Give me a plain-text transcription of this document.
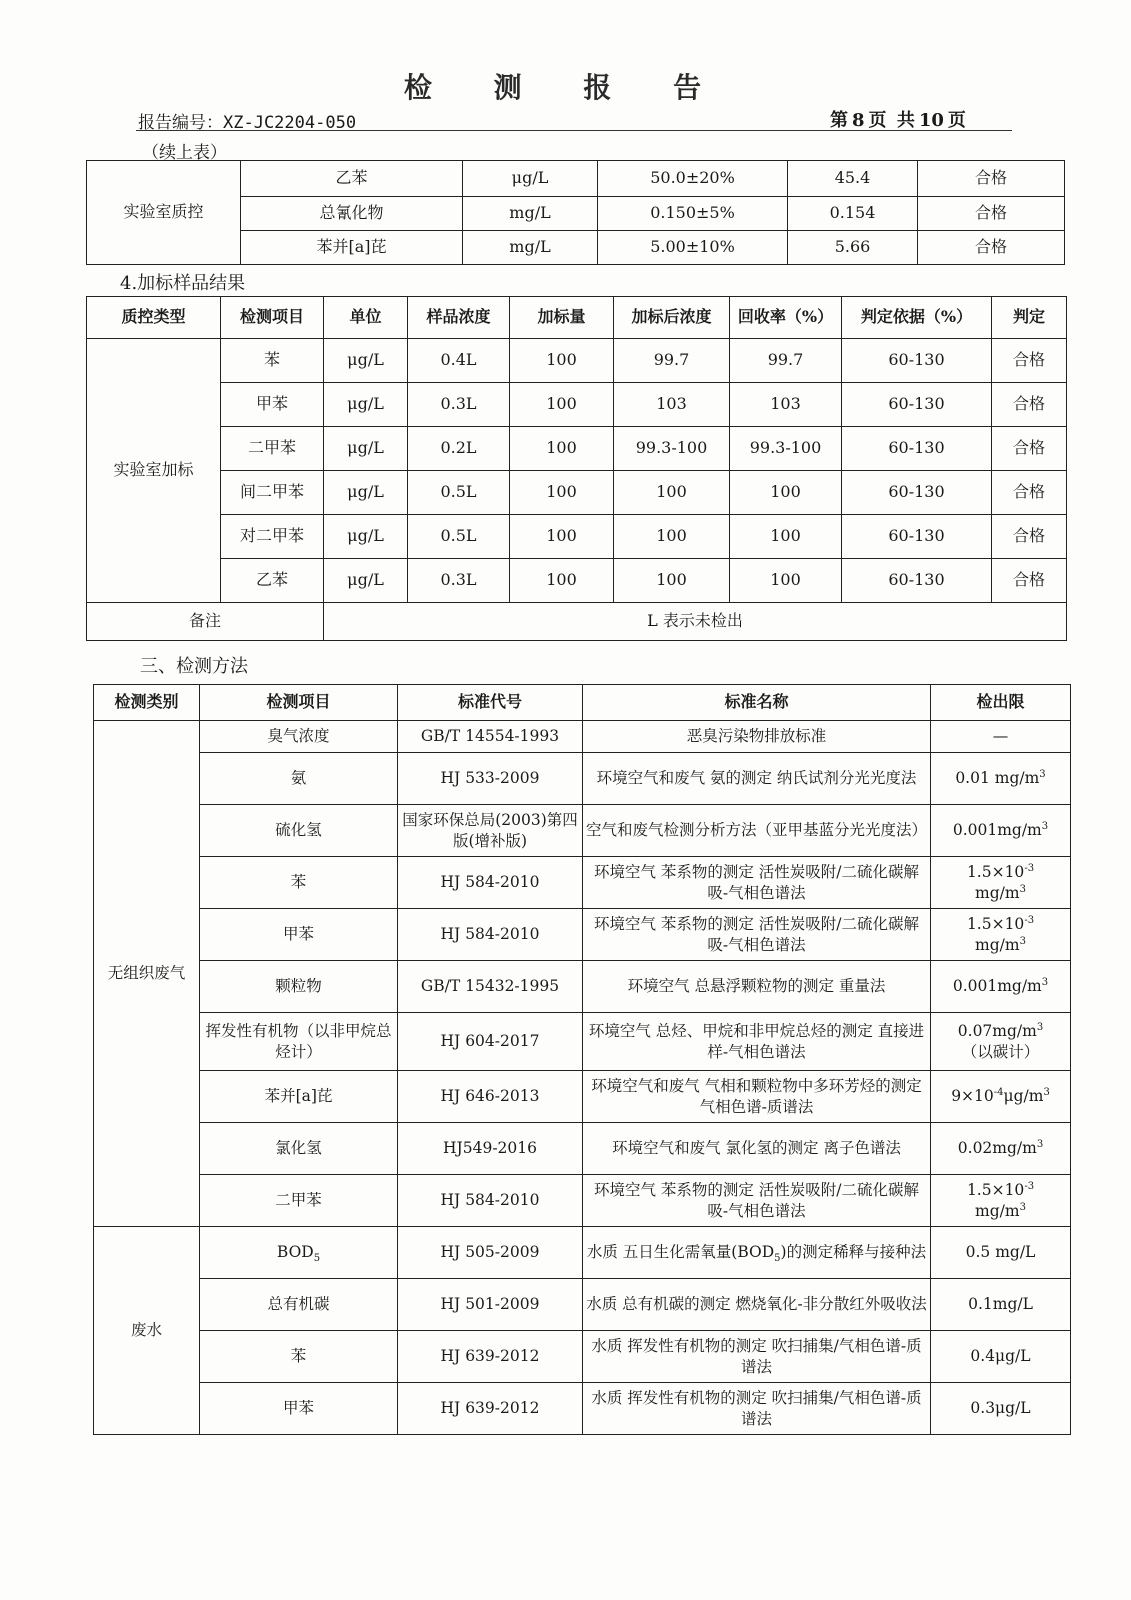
检 测 报 告
报告编号：XZ-JC2204-050	第 8 页 共 10 页
（续上表）
实验室质控	乙苯	μg/L	50.0±20%	45.4	合格
	总氰化物	mg/L	0.150±5%	0.154	合格
	苯并[a]芘	mg/L	5.00±10%	5.66	合格
4.加标样品结果
质控类型	检测项目	单位	样品浓度	加标量	加标后浓度	回收率（%）	判定依据（%）	判定
实验室加标	苯	μg/L	0.4L	100	99.7	99.7	60-130	合格
	甲苯	μg/L	0.3L	100	103	103	60-130	合格
	二甲苯	μg/L	0.2L	100	99.3-100	99.3-100	60-130	合格
	间二甲苯	μg/L	0.5L	100	100	100	60-130	合格
	对二甲苯	μg/L	0.5L	100	100	100	60-130	合格
	乙苯	μg/L	0.3L	100	100	100	60-130	合格
备注		L 表示未检出						
三、检测方法
检测类别	检测项目	标准代号	标准名称	检出限
无组织废气	臭气浓度	GB/T 14554-1993	恶臭污染物排放标准	—
	氨	HJ 533-2009	环境空气和废气 氨的测定 纳氏试剂分光光度法	0.01 $mg/m^3$
	硫化氢	国家环保总局(2003)第四版(增补版)	空气和废气检测分析方法（亚甲基蓝分光光度法）	$0.001mg/m^3$
	苯	HJ 584-2010	环境空气 苯系物的测定 活性炭吸附/二硫化碳解吸-气相色谱法	$1.5\times 10^{-3}$
$mg/m^3$
	甲苯	HJ 584-2010	环境空气 苯系物的测定 活性炭吸附/二硫化碳解吸-气相色谱法	$1.5\times 10^{-3}$
$mg/m^3$
	颗粒物	GB/T 15432-1995	环境空气 总悬浮颗粒物的测定 重量法	$0.001mg/m^3$
	挥发性有机物（以非甲烷总烃计）	HJ 604-2017	环境空气 总烃、甲烷和非甲烷总烃的测定 直接进样-气相色谱法	$0.07mg/m^3$
（以碳计）
	苯并[a]芘	HJ 646-2013	环境空气和废气 气相和颗粒物中多环芳烃的测定 气相色谱-质谱法	$9\times 10^{-4}\mu g/m^3$
	氯化氢	HJ549-2016	环境空气和废气 氯化氢的测定 离子色谱法	$0.02mg/m^3$
	二甲苯	HJ 584-2010	环境空气 苯系物的测定 活性炭吸附/二硫化碳解吸-气相色谱法	$1.5\times 10^{-3}$
$mg/m^3$
废水	$BOD_5$	HJ 505-2009	水质 五日生化需氧量$(BOD_5)$的测定稀释与接种法	0.5 mg/L
	总有机碳	HJ 501-2009	水质 总有机碳的测定 燃烧氧化-非分散红外吸收法	0.1mg/L
	苯	HJ 639-2012	水质 挥发性有机物的测定 吹扫捕集/气相色谱-质谱法	0.4μg/L
	甲苯	HJ 639-2012	水质 挥发性有机物的测定 吹扫捕集/气相色谱-质谱法	0.3μg/L
